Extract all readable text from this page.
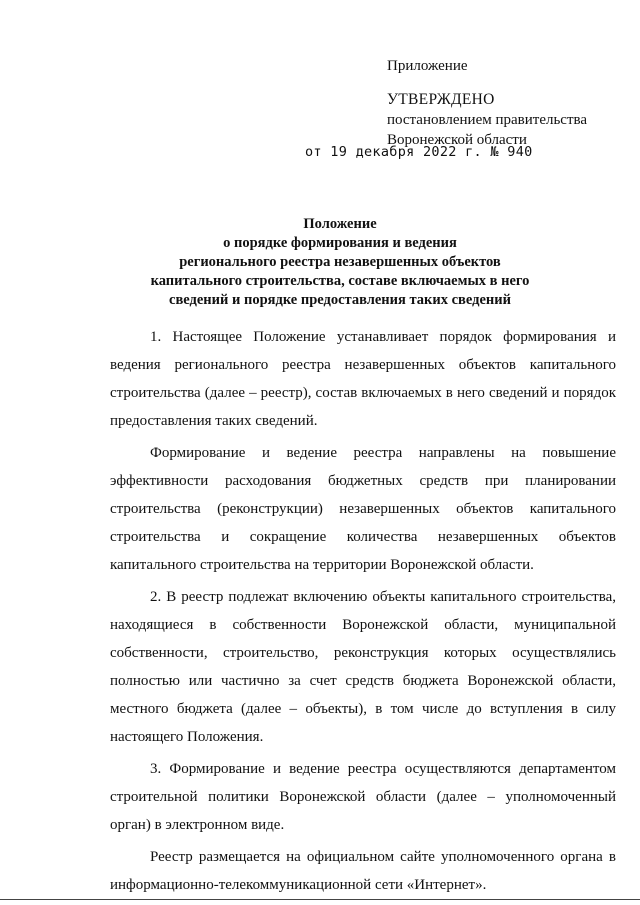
Приложение
УТВЕРЖДЕНО
постановлением правительства
Воронежской области
от 19 декабря 2022 г. № 940
Положение
о порядке формирования и ведения
регионального реестра незавершенных объектов
капитального строительства, составе включаемых в него
сведений и порядке предоставления таких сведений

1. Настоящее Положение устанавливает порядок формирования и ведения регионального реестра незавершенных объектов капитального строительства (далее – реестр), состав включаемых в него сведений и порядок предоставления таких сведений.

Формирование и ведение реестра направлены на повышение эффективности расходования бюджетных средств при планировании строительства (реконструкции) незавершенных объектов капитального строительства и сокращение количества незавершенных объектов капитального строительства на территории Воронежской области.

2. В реестр подлежат включению объекты капитального строительства, находящиеся в собственности Воронежской области, муниципальной собственности, строительство, реконструкция которых осуществлялись полностью или частично за счет средств бюджета Воронежской области, местного бюджета (далее – объекты), в том числе до вступления в силу настоящего Положения.

3. Формирование и ведение реестра осуществляются департаментом строительной политики Воронежской области (далее – уполномоченный орган) в электронном виде.

Реестр размещается на официальном сайте уполномоченного органа в информационно-телекоммуникационной сети «Интернет».
